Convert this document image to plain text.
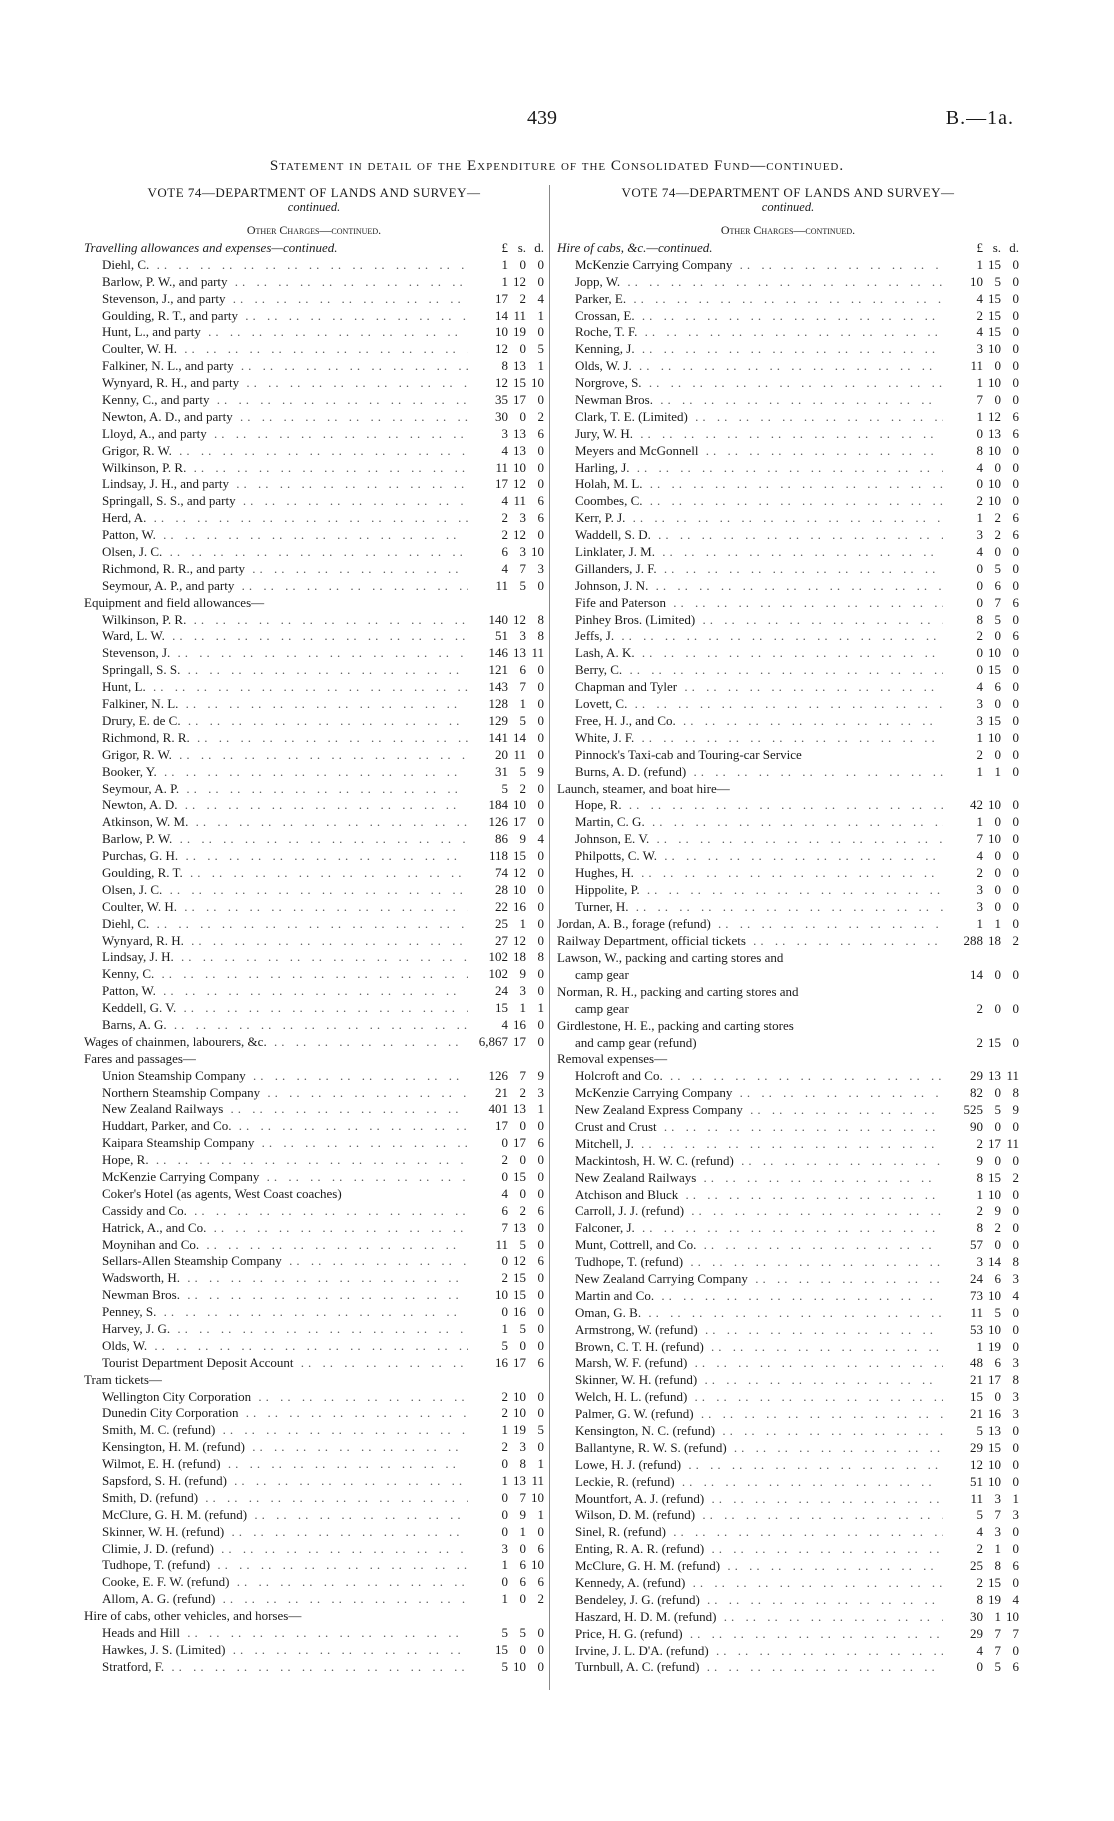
439	B.—1a.
Statement in detail of the Expenditure of the Consolidated Fund—continued.
VOTE 74—DEPARTMENT OF LANDS AND SURVEY—
continued.
Other Charges—continued.
Travelling allowances and expenses—continued.	£ s. d.
Diehl, C. .. ..	1 0 0
Barlow, P. W., and party .. ..	1 12 0
Stevenson, J., and party .. ..	17 2 4
Goulding, R. T., and party .. ..	14 11 1
Hunt, L., and party .. ..	10 19 0
Coulter, W. H. .. ..	12 0 5
Falkiner, N. L., and party .. ..	8 13 1
Wynyard, R. H., and party .. ..	12 15 10
Kenny, C., and party .. ..	35 17 0
Newton, A. D., and party .. ..	30 0 2
Lloyd, A., and party .. ..	3 13 6
Grigor, R. W. .. ..	4 13 0
Wilkinson, P. R. .. ..	11 10 0
Lindsay, J. H., and party .. ..	17 12 0
Springall, S. S., and party .. ..	4 11 6
Herd, A. .. ..	2 3 6
Patton, W. .. ..	2 12 0
Olsen, J. C. .. ..	6 3 10
Richmond, R. R., and party .. ..	4 7 3
Seymour, A. P., and party .. ..	11 5 0
Equipment and field allowances—
Wilkinson, P. R. .. ..	140 12 8
Ward, L. W. .. ..	51 3 8
Stevenson, J. .. ..	146 13 11
Springall, S. S. .. ..	121 6 0
Hunt, L. .. ..	143 7 0
Falkiner, N. L. .. ..	128 1 0
Drury, E. de C. .. ..	129 5 0
Richmond, R. R. .. ..	141 14 0
Grigor, R. W. .. ..	20 11 0
Booker, Y. .. ..	31 5 9
Seymour, A. P. .. ..	5 2 0
Newton, A. D. .. ..	184 10 0
Atkinson, W. M. .. ..	126 17 0
Barlow, P. W. .. ..	86 9 4
Purchas, G. H. .. ..	118 15 0
Goulding, R. T. .. ..	74 12 0
Olsen, J. C. .. ..	28 10 0
Coulter, W. H. .. ..	22 16 0
Diehl, C. .. ..	25 1 0
Wynyard, R. H. .. ..	27 12 0
Lindsay, J. H. .. ..	102 18 8
Kenny, C. .. ..	102 9 0
Patton, W. .. ..	24 3 0
Keddell, G. V. .. ..	15 1 1
Barns, A. G. .. ..	4 16 0
Wages of chainmen, labourers, &c. .. ..	6,867 17 0
Fares and passages—
Union Steamship Company .. ..	126 7 9
Northern Steamship Company .. ..	21 2 3
New Zealand Railways .. ..	401 13 1
Huddart, Parker, and Co. .. ..	17 0 0
Kaipara Steamship Company .. ..	0 17 6
Hope, R. .. ..	2 0 0
McKenzie Carrying Company .. ..	0 15 0
Coker's Hotel (as agents, West Coast coaches)	4 0 0
Cassidy and Co. .. ..	6 2 6
Hatrick, A., and Co. .. ..	7 13 0
Moynihan and Co. .. ..	11 5 0
Sellars-Allen Steamship Company .. ..	0 12 6
Wadsworth, H. .. ..	2 15 0
Newman Bros. .. ..	10 15 0
Penney, S. .. ..	0 16 0
Harvey, J. G. .. ..	1 5 0
Olds, W. .. ..	5 0 0
Tourist Department Deposit Account .. ..	16 17 6
Tram tickets—
Wellington City Corporation .. ..	2 10 0
Dunedin City Corporation .. ..	2 10 0
Smith, M. C. (refund) .. ..	1 19 5
Kensington, H. M. (refund) .. ..	2 3 0
Wilmot, E. H. (refund) .. ..	0 8 1
Sapsford, S. H. (refund) .. ..	1 13 11
Smith, D. (refund) .. ..	0 7 10
McClure, G. H. M. (refund) .. ..	0 9 1
Skinner, W. H. (refund) .. ..	0 1 0
Climie, J. D. (refund) .. ..	3 0 6
Tudhope, T. (refund) .. ..	1 6 10
Cooke, E. F. W. (refund) .. ..	0 6 6
Allom, A. G. (refund) .. ..	1 0 2
Hire of cabs, other vehicles, and horses—
Heads and Hill .. ..	5 5 0
Hawkes, J. S. (Limited) .. ..	15 0 0
Stratford, F. .. ..	5 10 0
VOTE 74—DEPARTMENT OF LANDS AND SURVEY—
continued.
Other Charges—continued.
Hire of cabs, &c.—continued.	£ s. d.
McKenzie Carrying Company .. ..	1 15 0
Jopp, W. .. ..	10 5 0
Parker, E. .. ..	4 15 0
Crossan, E. .. ..	2 15 0
Roche, T. F. .. ..	4 15 0
Kenning, J. .. ..	3 10 0
Olds, W. J. .. ..	11 0 0
Norgrove, S. .. ..	1 10 0
Newman Bros. .. ..	7 0 0
Clark, T. E. (Limited) .. ..	1 12 6
Jury, W. H. .. ..	0 13 6
Meyers and McGonnell .. ..	8 10 0
Harling, J. .. ..	4 0 0
Holah, M. L. .. ..	0 10 0
Coombes, C. .. ..	2 10 0
Kerr, P. J. .. ..	1 2 6
Waddell, S. D. .. ..	3 2 6
Linklater, J. M. .. ..	4 0 0
Gillanders, J. F. .. ..	0 5 0
Johnson, J. N. .. ..	0 6 0
Fife and Paterson .. ..	0 7 6
Pinhey Bros. (Limited) .. ..	8 5 0
Jeffs, J. .. ..	2 0 6
Lash, A. K. .. ..	0 10 0
Berry, C. .. ..	0 15 0
Chapman and Tyler .. ..	4 6 0
Lovett, C. .. ..	3 0 0
Free, H. J., and Co. .. ..	3 15 0
White, J. F. .. ..	1 10 0
Pinnock's Taxi-cab and Touring-car Service	2 0 0
Burns, A. D. (refund) .. ..	1 1 0
Launch, steamer, and boat hire—
Hope, R. .. ..	42 10 0
Martin, C. G. .. ..	1 0 0
Johnson, E. V. .. ..	7 10 0
Philpotts, C. W. .. ..	4 0 0
Hughes, H. .. ..	2 0 0
Hippolite, P. .. ..	3 0 0
Turner, H. .. ..	3 0 0
Jordan, A. B., forage (refund) .. ..	1 1 0
Railway Department, official tickets .. ..	288 18 2
Lawson, W., packing and carting stores and
camp gear	14 0 0
Norman, R. H., packing and carting stores and
camp gear	2 0 0
Girdlestone, H. E., packing and carting stores
and camp gear (refund)	2 15 0
Removal expenses—
Holcroft and Co. .. ..	29 13 11
McKenzie Carrying Company .. ..	82 0 8
New Zealand Express Company .. ..	525 5 9
Crust and Crust .. ..	90 0 0
Mitchell, J. .. ..	2 17 11
Mackintosh, H. W. C. (refund) .. ..	9 0 0
New Zealand Railways .. ..	8 15 2
Atchison and Bluck .. ..	1 10 0
Carroll, J. J. (refund) .. ..	2 9 0
Falconer, J. .. ..	8 2 0
Munt, Cottrell, and Co. .. ..	57 0 0
Tudhope, T. (refund) .. ..	3 14 8
New Zealand Carrying Company .. ..	24 6 3
Martin and Co. .. ..	73 10 4
Oman, G. B. .. ..	11 5 0
Armstrong, W. (refund) .. ..	53 10 0
Brown, C. T. H. (refund) .. ..	1 19 0
Marsh, W. F. (refund) .. ..	48 6 3
Skinner, W. H. (refund) .. ..	21 17 8
Welch, H. L. (refund) .. ..	15 0 3
Palmer, G. W. (refund) .. ..	21 16 3
Kensington, N. C. (refund) .. ..	5 13 0
Ballantyne, R. W. S. (refund) .. ..	29 15 0
Lowe, H. J. (refund) .. ..	12 10 0
Leckie, R. (refund) .. ..	51 10 0
Mountfort, A. J. (refund) .. ..	11 3 1
Wilson, D. M. (refund) .. ..	5 7 3
Sinel, R. (refund) .. ..	4 3 0
Enting, R. A. R. (refund) .. ..	2 1 0
McClure, G. H. M. (refund) .. ..	25 8 6
Kennedy, A. (refund) .. ..	2 15 0
Bendeley, J. G. (refund) .. ..	8 19 4
Haszard, H. D. M. (refund) .. ..	30 1 10
Price, H. G. (refund) .. ..	29 7 7
Irvine, J. L. D'A. (refund) .. ..	4 7 0
Turnbull, A. C. (refund) .. ..	0 5 6
